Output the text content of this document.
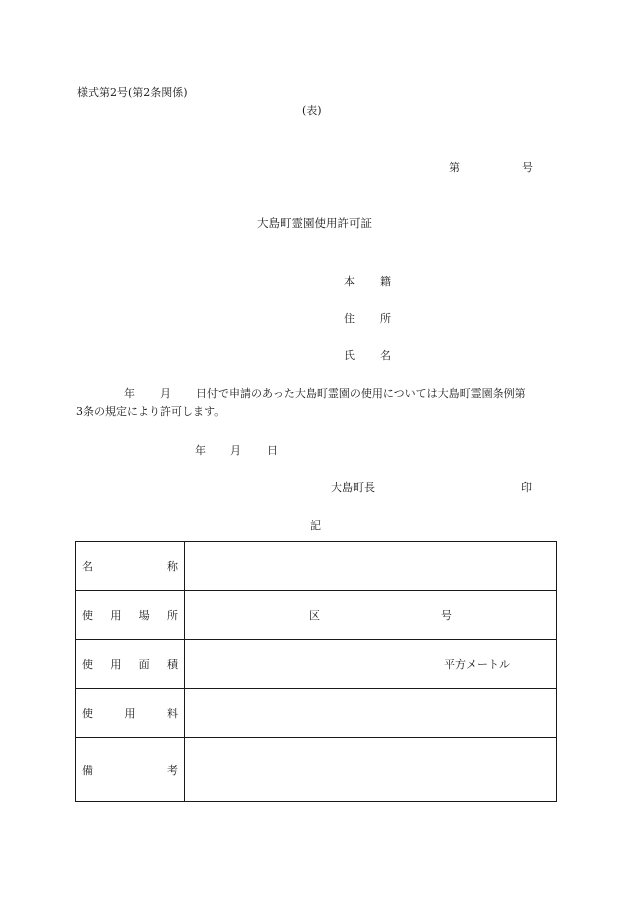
様式第2号(第2条関係)
(表)
第	号
大島町霊園使用許可証
本 籍
住 所
氏 名
年 月 日付で申請のあった大島町霊園の使用については大島町霊園条例第
3条の規定により許可します。
年 月 日
大島町長	印
記
名 称	

使 用 場 所	区 号

使 用 面 積	平方メートル

使 用 料	

備 考	
